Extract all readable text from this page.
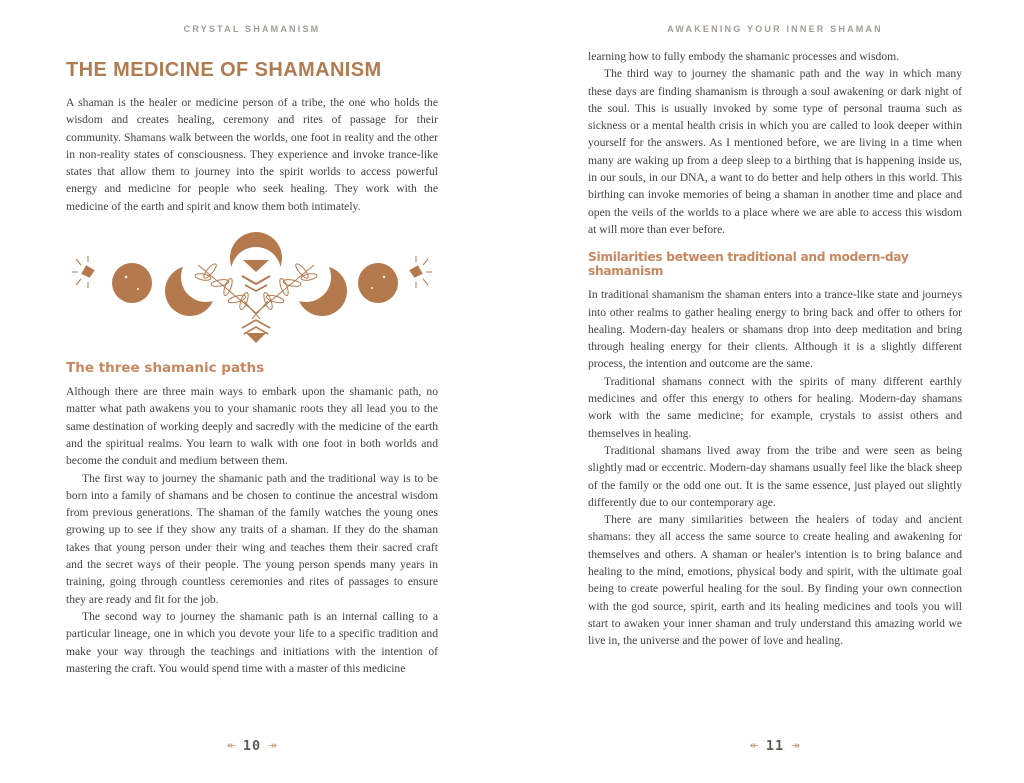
CRYSTAL SHAMANISM
THE MEDICINE OF SHAMANISM

A shaman is the healer or medicine person of a tribe, the one who holds the wisdom and creates healing, ceremony and rites of passage for their community. Shamans walk between the worlds, one foot in reality and the other in non-reality states of consciousness. They experience and invoke trance-like states that allow them to journey into the spirit worlds to access powerful energy and medicine for people who seek healing. They work with the medicine of the earth and spirit and know them both intimately.

The three shamanic paths

Although there are three main ways to embark upon the shamanic path, no matter what path awakens you to your shamanic roots they all lead you to the same destination of working deeply and sacredly with the medicine of the earth and the spiritual realms. You learn to walk with one foot in both worlds and become the conduit and medium between them.

The first way to journey the shamanic path and the traditional way is to be born into a family of shamans and be chosen to continue the ancestral wisdom from previous generations. The shaman of the family watches the young ones growing up to see if they show any traits of a shaman. If they do the shaman takes that young person under their wing and teaches them their sacred craft and the secret ways of their people. The young person spends many years in training, going through countless ceremonies and rites of passages to ensure they are ready and fit for the job.

The second way to journey the shamanic path is an internal calling to a particular lineage, one in which you devote your life to a specific tradition and make your way through the teachings and initiations with the intention of mastering the craft. You would spend time with a master of this medicine

↞ 10 ↠
AWAKENING YOUR INNER SHAMAN

learning how to fully embody the shamanic processes and wisdom.

The third way to journey the shamanic path and the way in which many these days are finding shamanism is through a soul awakening or dark night of the soul. This is usually invoked by some type of personal trauma such as sickness or a mental health crisis in which you are called to look deeper within yourself for the answers. As I mentioned before, we are living in a time when many are waking up from a deep sleep to a birthing that is happening inside us, in our souls, in our DNA, a want to do better and help others in this world. This birthing can invoke memories of being a shaman in another time and place and open the veils of the worlds to a place where we are able to access this wisdom at will more than ever before.

Similarities between traditional and modern-day shamanism

In traditional shamanism the shaman enters into a trance-like state and journeys into other realms to gather healing energy to bring back and offer to others for healing. Modern-day healers or shamans drop into deep meditation and bring through healing energy for their clients. Although it is a slightly different process, the intention and outcome are the same.

Traditional shamans connect with the spirits of many different earthly medicines and offer this energy to others for healing. Modern-day shamans work with the same medicine; for example, crystals to assist others and themselves in healing.

Traditional shamans lived away from the tribe and were seen as being slightly mad or eccentric. Modern-day shamans usually feel like the black sheep of the family or the odd one out. It is the same essence, just played out slightly differently due to our contemporary age.

There are many similarities between the healers of today and ancient shamans: they all access the same source to create healing and awakening for themselves and others. A shaman or healer's intention is to bring balance and healing to the mind, emotions, physical body and spirit, with the ultimate goal being to create powerful healing for the soul. By finding your own connection with the god source, spirit, earth and its healing medicines and tools you will start to awaken your inner shaman and truly understand this amazing world we live in, the universe and the power of love and healing.

↞ 11 ↠
